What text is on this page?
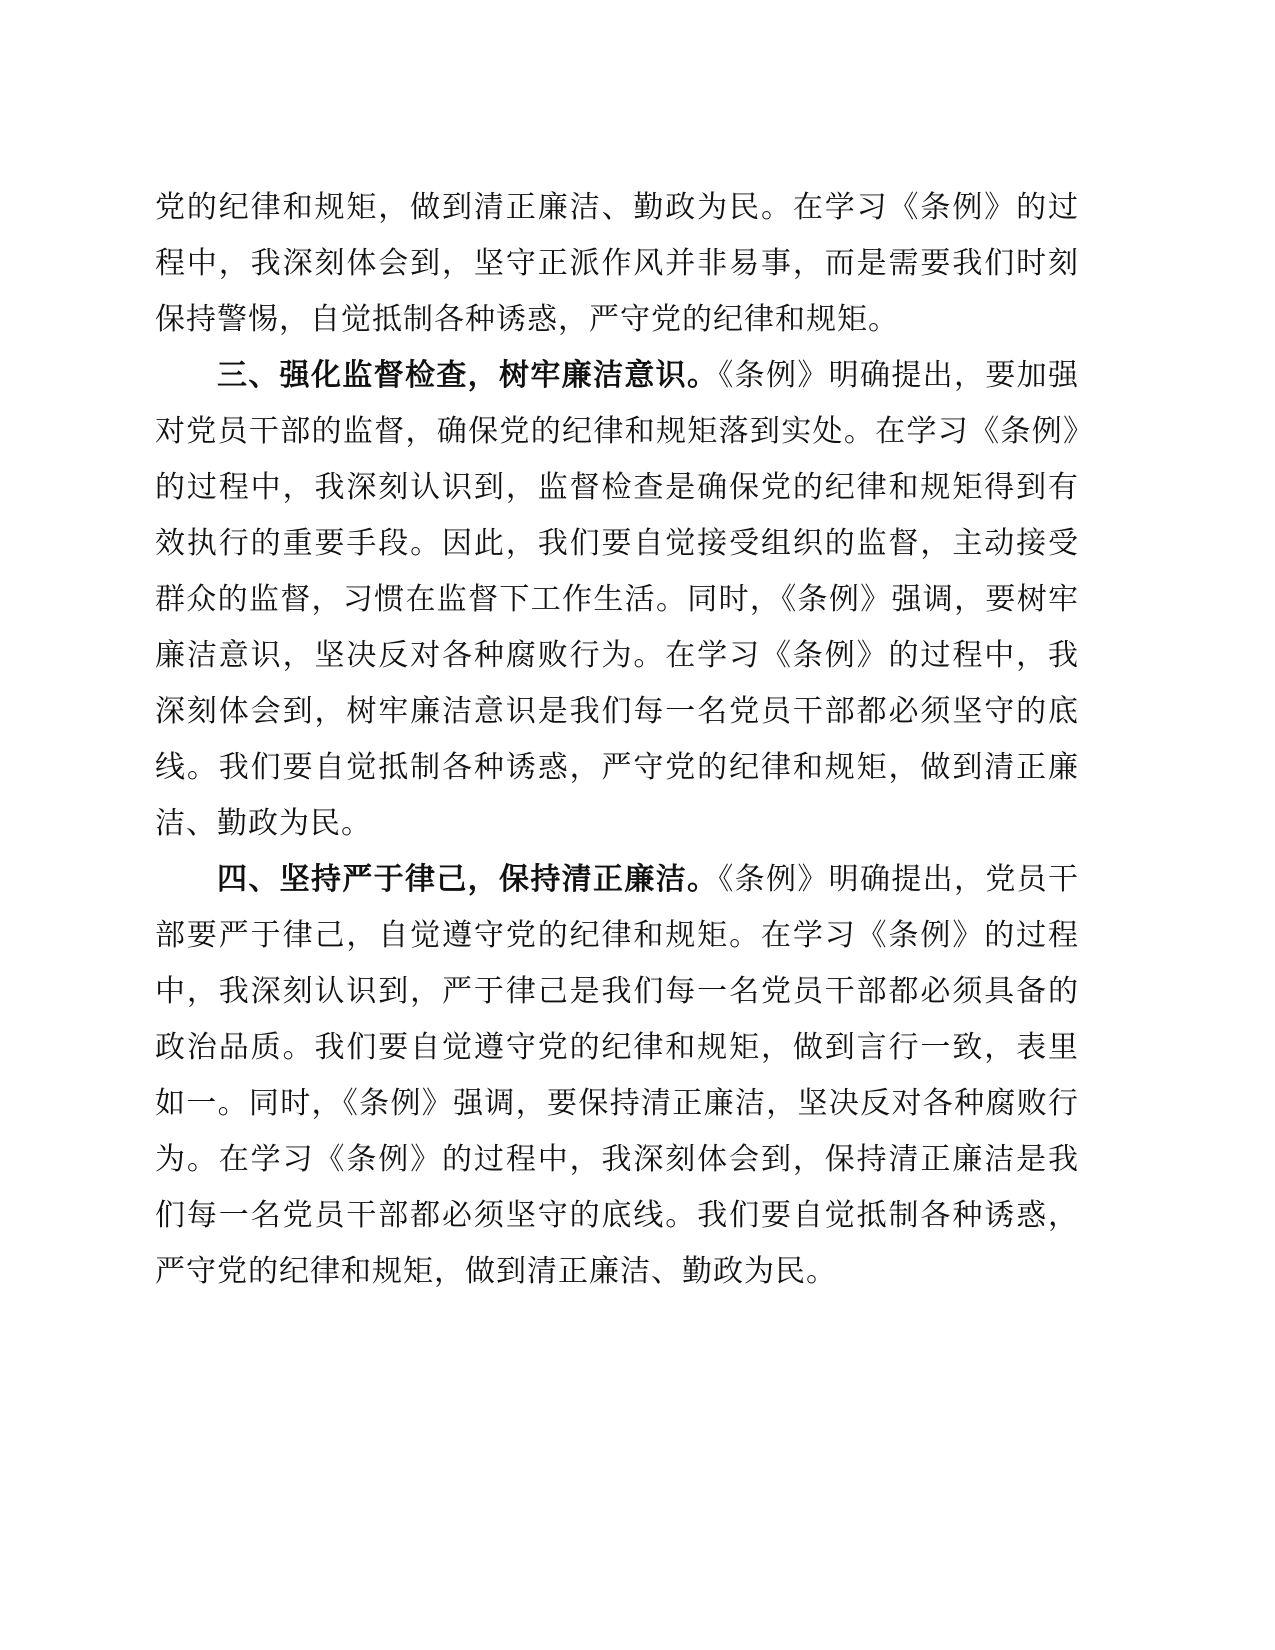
党的纪律和规矩，做到清正廉洁、勤政为民。在学习《条例》的过程中，我深刻体会到，坚守正派作风并非易事，而是需要我们时刻保持警惕，自觉抵制各种诱惑，严守党的纪律和规矩。

三、强化监督检查，树牢廉洁意识。《条例》明确提出，要加强对党员干部的监督，确保党的纪律和规矩落到实处。在学习《条例》的过程中，我深刻认识到，监督检查是确保党的纪律和规矩得到有效执行的重要手段。因此，我们要自觉接受组织的监督，主动接受群众的监督，习惯在监督下工作生活。同时，《条例》强调，要树牢廉洁意识，坚决反对各种腐败行为。在学习《条例》的过程中，我深刻体会到，树牢廉洁意识是我们每一名党员干部都必须坚守的底线。我们要自觉抵制各种诱惑，严守党的纪律和规矩，做到清正廉洁、勤政为民。

四、坚持严于律己，保持清正廉洁。《条例》明确提出，党员干部要严于律己，自觉遵守党的纪律和规矩。在学习《条例》的过程中，我深刻认识到，严于律己是我们每一名党员干部都必须具备的政治品质。我们要自觉遵守党的纪律和规矩，做到言行一致，表里如一。同时，《条例》强调，要保持清正廉洁，坚决反对各种腐败行为。在学习《条例》的过程中，我深刻体会到，保持清正廉洁是我们每一名党员干部都必须坚守的底线。我们要自觉抵制各种诱惑，严守党的纪律和规矩，做到清正廉洁、勤政为民。
